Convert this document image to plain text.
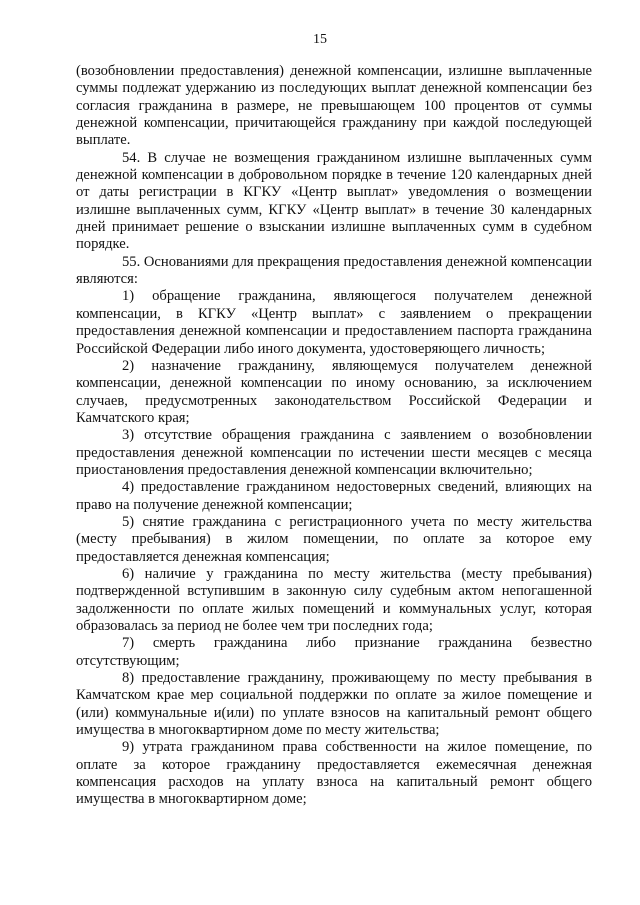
15

(возобновлении предоставления) денежной компенсации, излишне выплаченные суммы подлежат удержанию из последующих выплат денежной компенсации без согласия гражданина в размере, не превышающем 100 процентов от суммы денежной компенсации, причитающейся гражданину при каждой последующей выплате.

54. В случае не возмещения гражданином излишне выплаченных сумм денежной компенсации в добровольном порядке в течение 120 календарных дней от даты регистрации в КГКУ «Центр выплат» уведомления о возмещении излишне выплаченных сумм, КГКУ «Центр выплат» в течение 30 календарных дней принимает решение о взыскании излишне выплаченных сумм в судебном порядке.

55. Основаниями для прекращения предоставления денежной компенсации являются:

1) обращение гражданина, являющегося получателем денежной компенсации, в КГКУ «Центр выплат» с заявлением о прекращении предоставления денежной компенсации и предоставлением паспорта гражданина Российской Федерации либо иного документа, удостоверяющего личность;

2) назначение гражданину, являющемуся получателем денежной компенсации, денежной компенсации по иному основанию, за исключением случаев, предусмотренных законодательством Российской Федерации и Камчатского края;

3) отсутствие обращения гражданина с заявлением о возобновлении предоставления денежной компенсации по истечении шести месяцев с месяца приостановления предоставления денежной компенсации включительно;

4) предоставление гражданином недостоверных сведений, влияющих на право на получение денежной компенсации;

5) снятие гражданина с регистрационного учета по месту жительства (месту пребывания) в жилом помещении, по оплате за которое ему предоставляется денежная компенсация;

6) наличие у гражданина по месту жительства (месту пребывания) подтвержденной вступившим в законную силу судебным актом непогашенной задолженности по оплате жилых помещений и коммунальных услуг, которая образовалась за период не более чем три последних года;

7) смерть гражданина либо признание гражданина безвестно отсутствующим;

8) предоставление гражданину, проживающему по месту пребывания в Камчатском крае мер социальной поддержки по оплате за жилое помещение и (или) коммунальные и(или) по уплате взносов на капитальный ремонт общего имущества в многоквартирном доме по месту жительства;

9) утрата гражданином права собственности на жилое помещение, по оплате за которое гражданину предоставляется ежемесячная денежная компенсация расходов на уплату взноса на капитальный ремонт общего имущества в многоквартирном доме;
